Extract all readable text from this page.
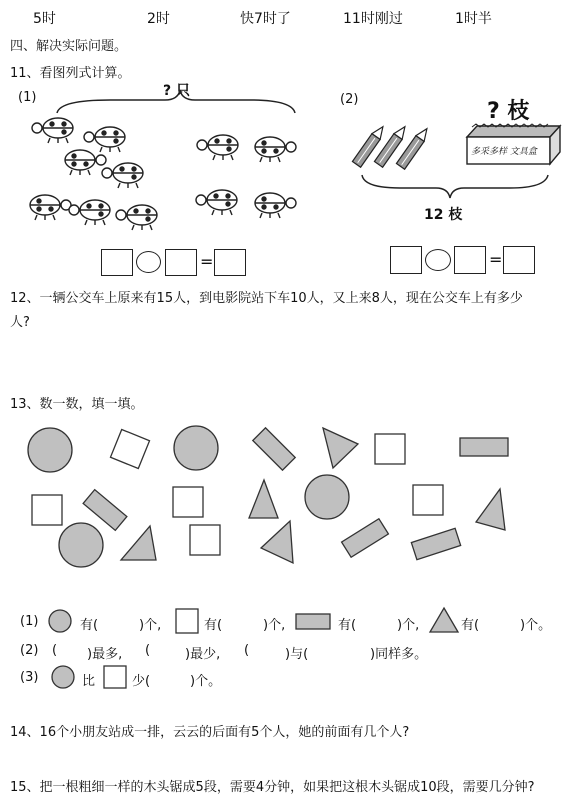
5时	2时	快7时了	11时刚过	1时半
四、解决实际问题。
11、看图列式计算。
(1)	? 只
(2)	? 枝
12 枝
多采多样 文具盒
=	=
12、一辆公交车上原来有15人，到电影院站下车10人，又上来8人，现在公交车上有多少
人?
13、数一数，填一填。
(1)	有(	)个,	有(	)个,	有(	)个,	有(	)个。
(2) ( )最多, (	)最少, (	)与(	)同样多。
(3)	比	少(	)个。
14、16个小朋友站成一排，云云的后面有5个人，她的前面有几个人?
15、把一根粗细一样的木头锯成5段，需要4分钟，如果把这根木头锯成10段，需要几分钟?
